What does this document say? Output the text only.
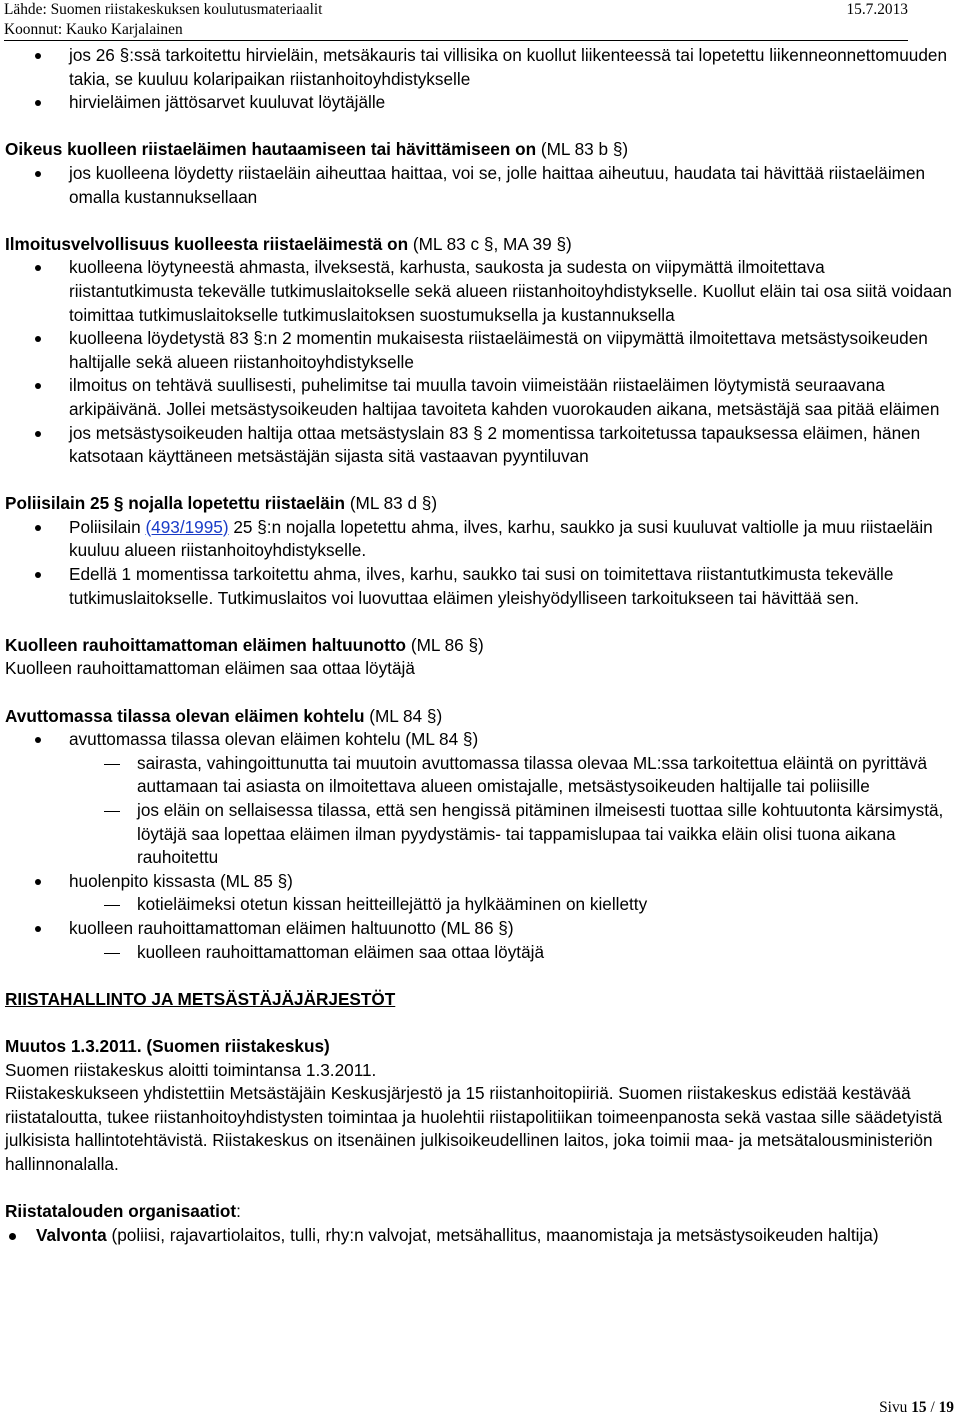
Lähde: Suomen riistakeskuksen koulutusmateriaalit
Koonnut: Kauko Karjalainen
15.7.2013
jos 26 §:ssä tarkoitettu hirvieläin, metsäkauris tai villisika on kuollut liikenteessä tai lopetettu liikenneonnettomuuden takia, se kuuluu kolaripaikan riistanhoitoyhdistykselle
hirvieläimen jättösarvet kuuluvat löytäjälle
Oikeus kuolleen riistaeläimen hautaamiseen tai hävittämiseen on (ML 83 b §)
jos kuolleena löydetty riistaeläin aiheuttaa haittaa, voi se, jolle haittaa aiheutuu, haudata tai hävittää riistaeläimen omalla kustannuksellaan
Ilmoitusvelvollisuus kuolleesta riistaeläimestä on (ML 83 c §, MA 39 §)
kuolleena löytyneestä ahmasta, ilveksestä, karhusta, saukosta ja sudesta on viipymättä ilmoitettava riistantutkimusta tekevälle tutkimuslaitokselle sekä alueen riistanhoitoyhdistykselle. Kuollut eläin tai osa siitä voidaan toimittaa tutkimuslaitokselle tutkimuslaitoksen suostumuksella ja kustannuksella
kuolleena löydetystä 83 §:n 2 momentin mukaisesta riistaeläimestä on viipymättä ilmoitettava metsästysoikeuden haltijalle sekä alueen riistanhoitoyhdistykselle
ilmoitus on tehtävä suullisesti, puhelimitse tai muulla tavoin viimeistään riistaeläimen löytymistä seuraavana arkipäivänä. Jollei metsästysoikeuden haltijaa tavoiteta kahden vuorokauden aikana, metsästäjä saa pitää eläimen
jos metsästysoikeuden haltija ottaa metsästyslain 83 § 2 momentissa tarkoitetussa tapauksessa eläimen, hänen katsotaan käyttäneen metsästäjän sijasta sitä vastaavan pyyntiluvan
Poliisilain 25 § nojalla lopetettu riistaeläin (ML 83 d §)
Poliisilain (493/1995) 25 §:n nojalla lopetettu ahma, ilves, karhu, saukko ja susi kuuluvat valtiolle ja muu riistaeläin kuuluu alueen riistanhoitoyhdistykselle.
Edellä 1 momentissa tarkoitettu ahma, ilves, karhu, saukko tai susi on toimitettava riistantutkimusta tekevälle tutkimuslaitokselle. Tutkimuslaitos voi luovuttaa eläimen yleishyödylliseen tarkoitukseen tai hävittää sen.
Kuolleen rauhoittamattoman eläimen haltuunotto (ML 86 §)
Kuolleen rauhoittamattoman eläimen saa ottaa löytäjä
Avuttomassa tilassa olevan eläimen kohtelu (ML 84 §)
avuttomassa tilassa olevan eläimen kohtelu (ML 84 §)
sairasta, vahingoittunutta tai muutoin avuttomassa tilassa olevaa ML:ssa tarkoitettua eläintä on pyrittävä auttamaan tai asiasta on ilmoitettava alueen omistajalle, metsästysoikeuden haltijalle tai poliisille
jos eläin on sellaisessa tilassa, että sen hengissä pitäminen ilmeisesti tuottaa sille kohtuutonta kärsimystä, löytäjä saa lopettaa eläimen ilman pyydystämis- tai tappamislupaa tai vaikka eläin olisi tuona aikana rauhoitettu
huolenpito kissasta (ML 85 §)
kotieläimeksi otetun kissan heitteillejättö ja hylkääminen on kielletty
kuolleen rauhoittamattoman eläimen haltuunotto (ML 86 §)
kuolleen rauhoittamattoman eläimen saa ottaa löytäjä
RIISTAHALLINTO JA METSÄSTÄJÄJÄRJESTÖT
Muutos 1.3.2011. (Suomen riistakeskus)
Suomen riistakeskus aloitti toimintansa 1.3.2011.
Riistakeskukseen yhdistettiin Metsästäjäin Keskusjärjestö ja 15 riistanhoitopiiriä. Suomen riistakeskus edistää kestävää riistataloutta, tukee riistanhoitoyhdistysten toimintaa ja huolehtii riistapolitiikan toimeenpanosta sekä vastaa sille säädetyistä julkisista hallintotehtävistä. Riistakeskus on itsenäinen julkisoikeudellinen laitos, joka toimii maa- ja metsätalousministeriön hallinnonalalla.
Riistatalouden organisaatiot:
Valvonta (poliisi, rajavartiolaitos, tulli, rhy:n valvojat, metsähallitus, maanomistaja ja metsästysoikeuden haltija)
Sivu 15 / 19
